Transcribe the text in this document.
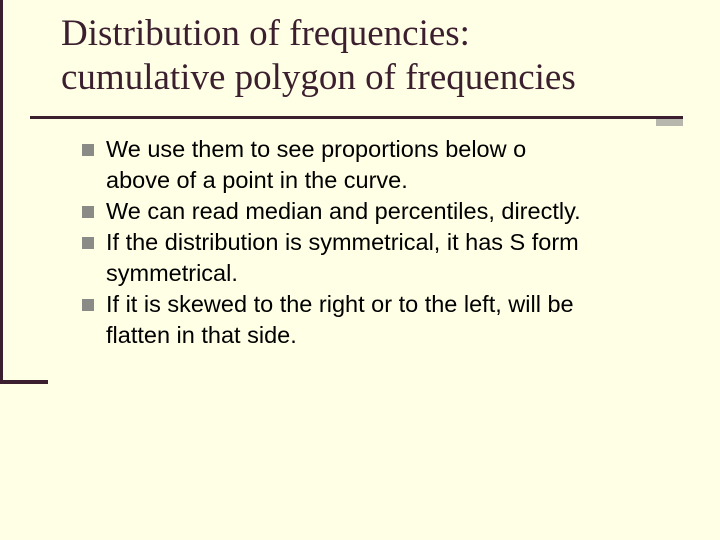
Distribution of frequencies:
cumulative polygon of frequencies
We use them to see proportions below o
above of a point in the curve.
We can read median and percentiles, directly.
If the distribution is symmetrical, it has S form
symmetrical.
If it is skewed to the right or to the left, will be
flatten in that side.
